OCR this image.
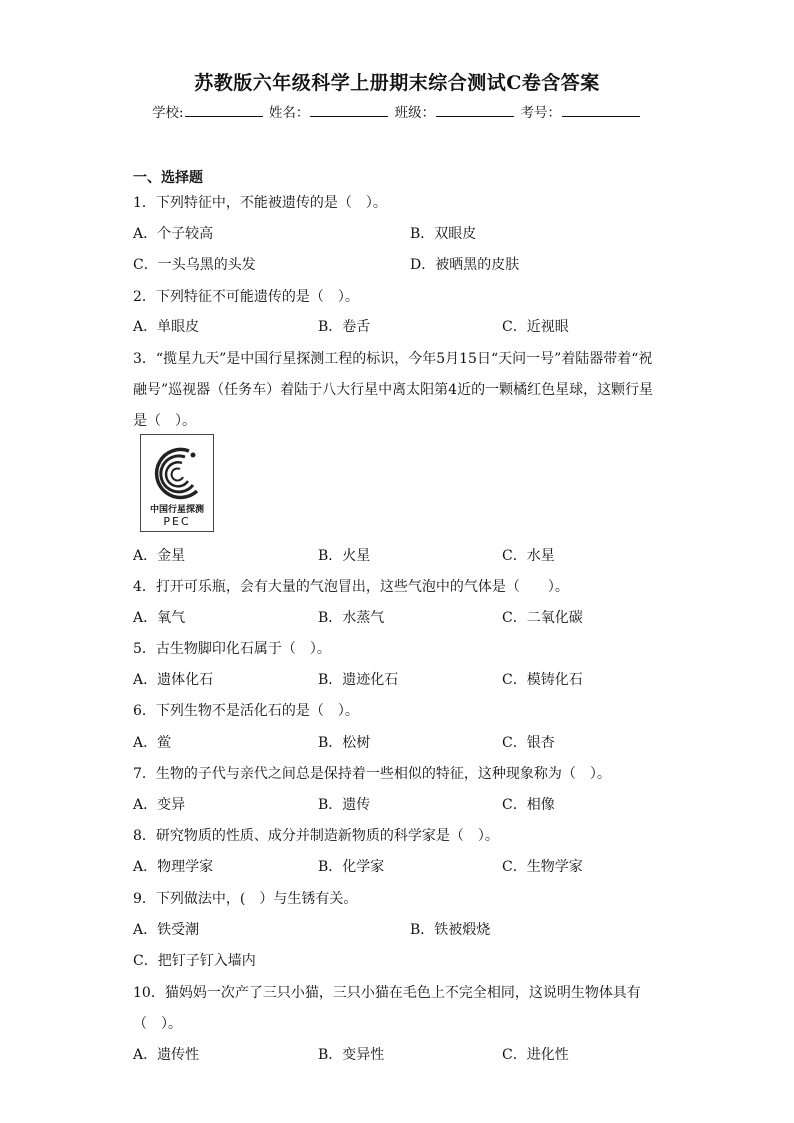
苏教版六年级科学上册期末综合测试C卷含答案
学校:	姓名：	班级：	考号：
一、选择题
1．下列特征中，不能被遗传的是（　）。
A．个子较高	B．双眼皮
C．一头乌黑的头发	D．被晒黑的皮肤
2．下列特征不可能遗传的是（　）。
A．单眼皮	B．卷舌	C．近视眼
3．“揽星九天”是中国行星探测工程的标识，今年5月15日“天问一号”着陆器带着“祝
融号”巡视器（任务车）着陆于八大行星中离太阳第4近的一颗橘红色星球，这颗行星
是（　）。
中国行星探测
PEC
A．金星	B．火星	C．水星
4．打开可乐瓶，会有大量的气泡冒出，这些气泡中的气体是（　　）。
A．氧气	B．水蒸气	C．二氧化碳
5．古生物脚印化石属于（　）。
A．遗体化石	B．遗迹化石	C．模铸化石
6．下列生物不是活化石的是（　）。
A．鲎	B．松树	C．银杏
7．生物的子代与亲代之间总是保持着一些相似的特征，这种现象称为（　）。
A．变异	B．遗传	C．相像
8．研究物质的性质、成分并制造新物质的科学家是（　）。
A．物理学家	B．化学家	C．生物学家
9．下列做法中，(　）与生锈有关。
A．铁受潮	B．铁被煅烧
C．把钉子钉入墙内
10．猫妈妈一次产了三只小猫，三只小猫在毛色上不完全相同，这说明生物体具有
（　）。
A．遗传性	B．变异性	C．进化性
